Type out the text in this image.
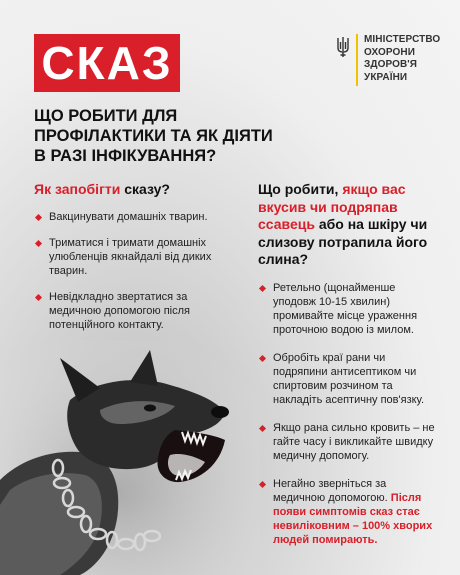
СКАЗ	МІНІСТЕРСТВО
ОХОРОНИ
ЗДОРОВ'Я
УКРАЇНИ
ЩО РОБИТИ ДЛЯ
ПРОФІЛАКТИКИ ТА ЯК ДІЯТИ
В РАЗІ ІНФІКУВАННЯ?
Як запобігти сказу?
Вакцинувати домашніх тварин.
Триматися і тримати домашніх улюбленців якнайдалі від диких тварин.
Невідкладно звертатися за медичною допомогою після потенційного контакту.
Що робити, якщо вас вкусив чи подряпав ссавець або на шкіру чи слизову потрапила його слина?
Ретельно (щонайменше уподовж 10-15 хвилин) промивайте місце ураження проточною водою із милом.
Обробіть краї рани чи подряпини антисептиком чи спиртовим розчином та накладіть асептичну пов'язку.
Якщо рана сильно кровить – не гайте часу і викликайте швидку медичну допомогу.
Негайно зверніться за медичною допомогою. Після появи симптомів сказ стає невиліковним – 100% хворих людей помирають.
